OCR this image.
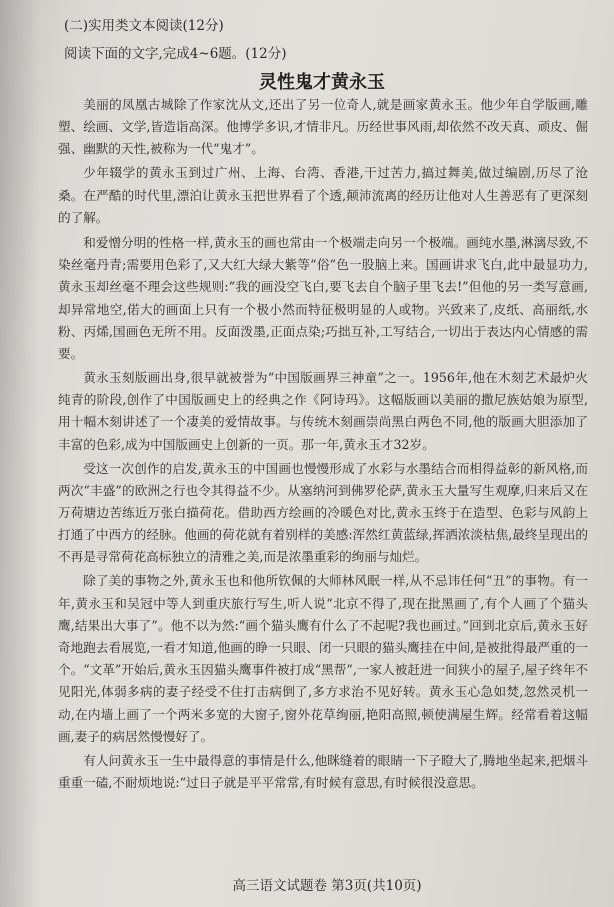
(二)实用类文本阅读(12分)
阅读下面的文字,完成4~6题。(12分)
灵性鬼才黄永玉

美丽的凤凰古城除了作家沈从文,还出了另一位奇人,就是画家黄永玉。他少年自学版画,雕塑、绘画、文学,皆造诣高深。他博学多识,才情非凡。历经世事风雨,却依然不改天真、顽皮、倔强、幽默的天性,被称为一代“鬼才”。

少年辍学的黄永玉到过广州、上海、台湾、香港,干过苦力,搞过舞美,做过编剧,历尽了沧桑。在严酷的时代里,漂泊让黄永玉把世界看了个透,颠沛流离的经历让他对人生善恶有了更深刻的了解。

和爱憎分明的性格一样,黄永玉的画也常由一个极端走向另一个极端。画纯水墨,淋漓尽致,不染丝毫丹青;需要用色彩了,又大红大绿大紫等“俗”色一股脑上来。国画讲求飞白,此中最显功力,黄永玉却丝毫不理会这些规则:“我的画没空飞白,要飞去自个脑子里飞去!”但他的另一类写意画,却异常地空,偌大的画面上只有一个极小然而特征极明显的人或物。兴致来了,皮纸、高丽纸,水粉、丙烯,国画色无所不用。反面泼墨,正面点染;巧拙互补,工写结合,一切出于表达内心情感的需要。

黄永玉刻版画出身,很早就被誉为“中国版画界三神童”之一。1956年,他在木刻艺术最炉火纯青的阶段,创作了中国版画史上的经典之作《阿诗玛》。这幅版画以美丽的撒尼族姑娘为原型,用十幅木刻讲述了一个凄美的爱情故事。与传统木刻画崇尚黑白两色不同,他的版画大胆添加了丰富的色彩,成为中国版画史上创新的一页。那一年,黄永玉才32岁。

受这一次创作的启发,黄永玉的中国画也慢慢形成了水彩与水墨结合而相得益彰的新风格,而两次“丰盛”的欧洲之行也令其得益不少。从塞纳河到佛罗伦萨,黄永玉大量写生观摩,归来后又在万荷塘边苦练近万张白描荷花。借助西方绘画的冷暖色对比,黄永玉终于在造型、色彩与风韵上打通了中西方的经脉。他画的荷花就有着别样的美感:浑然红黄蓝绿,挥洒浓淡枯焦,最终呈现出的不再是寻常荷花高标独立的清雅之美,而是浓墨重彩的绚丽与灿烂。

除了美的事物之外,黄永玉也和他所钦佩的大师林风眠一样,从不忌讳任何“丑”的事物。有一年,黄永玉和吴冠中等人到重庆旅行写生,听人说“北京不得了,现在批黑画了,有个人画了个猫头鹰,结果出大事了”。他不以为然:“画个猫头鹰有什么了不起呢?我也画过。”回到北京后,黄永玉好奇地跑去看展览,一看才知道,他画的睁一只眼、闭一只眼的猫头鹰挂在中间,是被批得最严重的一个。“文革”开始后,黄永玉因猫头鹰事件被打成“黑帮”,一家人被赶进一间狭小的屋子,屋子终年不见阳光,体弱多病的妻子经受不住打击病倒了,多方求治不见好转。黄永玉心急如焚,忽然灵机一动,在内墙上画了一个两米多宽的大窗子,窗外花草绚丽,艳阳高照,顿使满屋生辉。经常看着这幅画,妻子的病居然慢慢好了。

有人问黄永玉一生中最得意的事情是什么,他眯缝着的眼睛一下子瞪大了,腾地坐起来,把烟斗重重一磕,不耐烦地说:“过日子就是平平常常,有时候有意思,有时候很没意思。

高三语文试题卷 第3页(共10页)
